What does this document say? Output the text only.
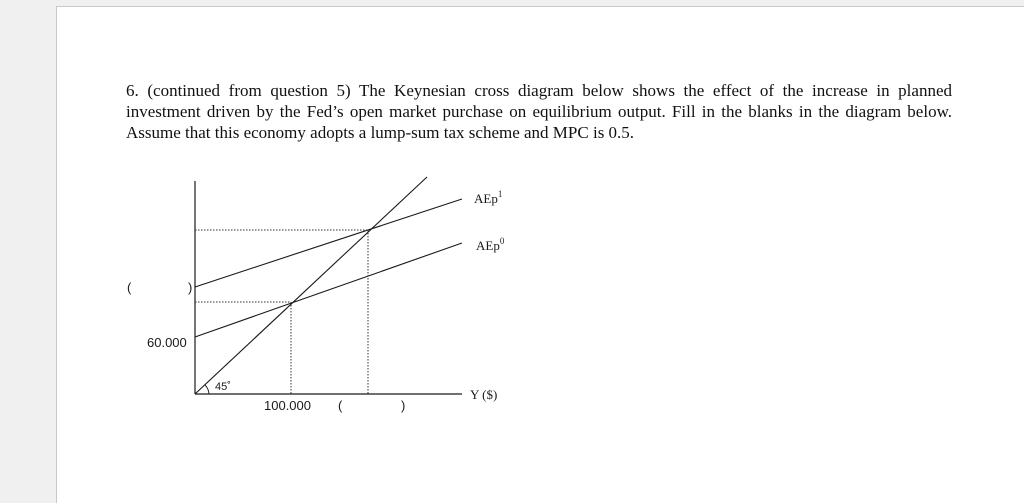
6. (continued from question 5) The Keynesian cross diagram below shows the effect of the increase in planned investment driven by the Fed’s open market purchase on equilibrium output. Fill in the blanks in the diagram below. Assume that this economy adopts a lump-sum tax scheme and MPC is 0.5.

AEp$^1$
AEp$^0$
Y ($)
45˚
60.000
(	)
100.000 (	)
